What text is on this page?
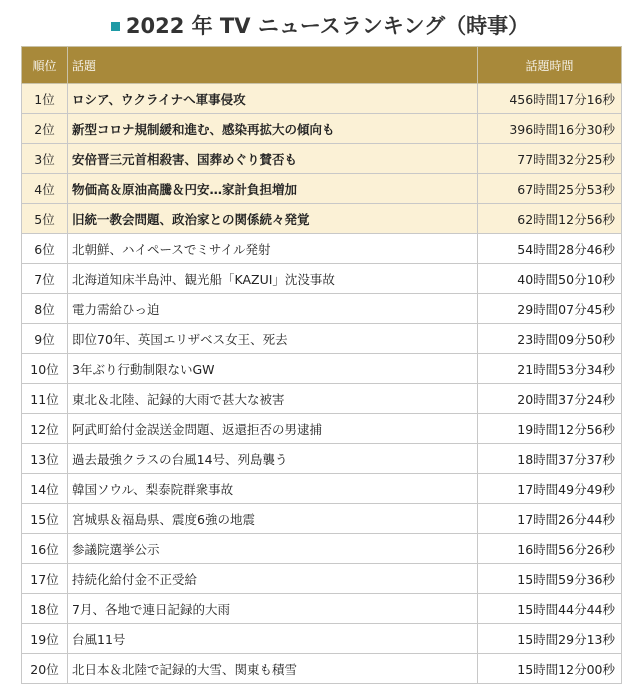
2022 年 TV ニュースランキング（時事）
順位	話題	話題時間
1位	ロシア、ウクライナへ軍事侵攻	456時間17分16秒
2位	新型コロナ規制緩和進む、感染再拡大の傾向も	396時間16分30秒
3位	安倍晋三元首相殺害、国葬めぐり賛否も	77時間32分25秒
4位	物価高＆原油高騰＆円安…家計負担増加	67時間25分53秒
5位	旧統一教会問題、政治家との関係続々発覚	62時間12分56秒
6位	北朝鮮、ハイペースでミサイル発射	54時間28分46秒
7位	北海道知床半島沖、観光船「KAZUⅠ」沈没事故	40時間50分10秒
8位	電力需給ひっ迫	29時間07分45秒
9位	即位70年、英国エリザベス女王、死去	23時間09分50秒
10位	3年ぶり行動制限ないGW	21時間53分34秒
11位	東北＆北陸、記録的大雨で甚大な被害	20時間37分24秒
12位	阿武町給付金誤送金問題、返還拒否の男逮捕	19時間12分56秒
13位	過去最強クラスの台風14号、列島襲う	18時間37分37秒
14位	韓国ソウル、梨泰院群衆事故	17時間49分49秒
15位	宮城県＆福島県、震度6強の地震	17時間26分44秒
16位	参議院選挙公示	16時間56分26秒
17位	持続化給付金不正受給	15時間59分36秒
18位	7月、各地で連日記録的大雨	15時間44分44秒
19位	台風11号	15時間29分13秒
20位	北日本＆北陸で記録的大雪、関東も積雪	15時間12分00秒
